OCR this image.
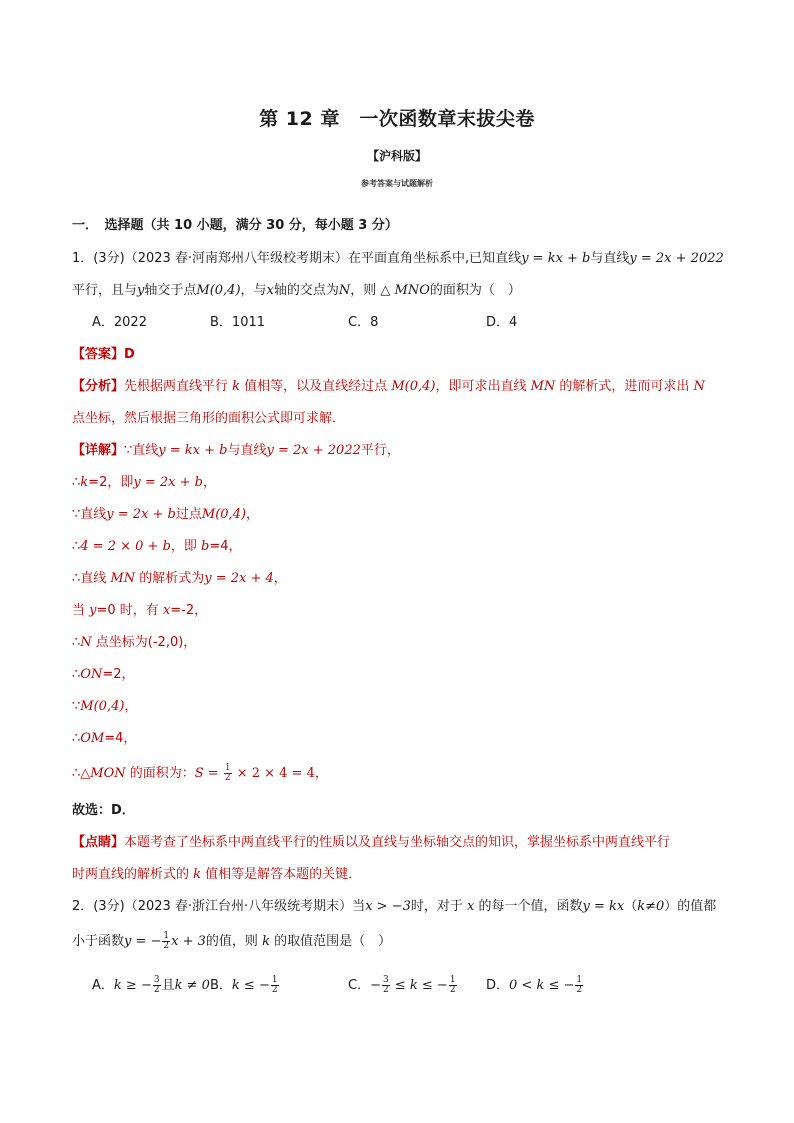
第 12 章　一次函数章末拔尖卷
【沪科版】
参考答案与试题解析
一．　选择题（共 10 小题，满分 30 分，每小题 3 分）
1．(3分)（2023 春·河南郑州八年级校考期末）在平面直角坐标系中,已知直线y = kx + b与直线y = 2x + 2022
平行，且与y轴交于点M(0,4)，与x轴的交点为N，则 △ MNO的面积为（　）
A．2022	B．1011	C．8	D．4
【答案】D
【分析】先根据两直线平行 k 值相等，以及直线经过点 M(0,4)，即可求出直线 MN 的解析式，进而可求出 N
点坐标，然后根据三角形的面积公式即可求解．
【详解】∵直线y = kx + b与直线y = 2x + 2022平行，
∴k=2，即y = 2x + b，
∵直线y = 2x + b过点M(0,4)，
∴4 = 2 × 0 + b，即 b=4，
∴直线 MN 的解析式为y = 2x + 4，
当 y=0 时，有 x=-2，
∴N 点坐标为(-2,0)，
∴ON=2，
∵M(0,4)，
∴OM=4，
∴△MON 的面积为：$S = \frac{1}{2} \times 2 \times 4 = 4$，
故选：D．
【点睛】本题考查了坐标系中两直线平行的性质以及直线与坐标轴交点的知识，掌握坐标系中两直线平行
时两直线的解析式的 k 值相等是解答本题的关键．
2．(3分)（2023 春·浙江台州·八年级统考期末）当x > −3时，对于 x 的每一个值，函数y = kx（k≠0）的值都
小于函数y = − $\frac{1}{2}$ x + 3的值，则 k 的取值范围是（　）
A．k ≥ − $\frac{3}{2}$ 且k ≠ 0 B．k ≤ − $\frac{1}{2}$	C．− $\frac{3}{2} \le k$ ≤ − $\frac{1}{2}$ D．0 < k ≤ − $\frac{1}{2}$
